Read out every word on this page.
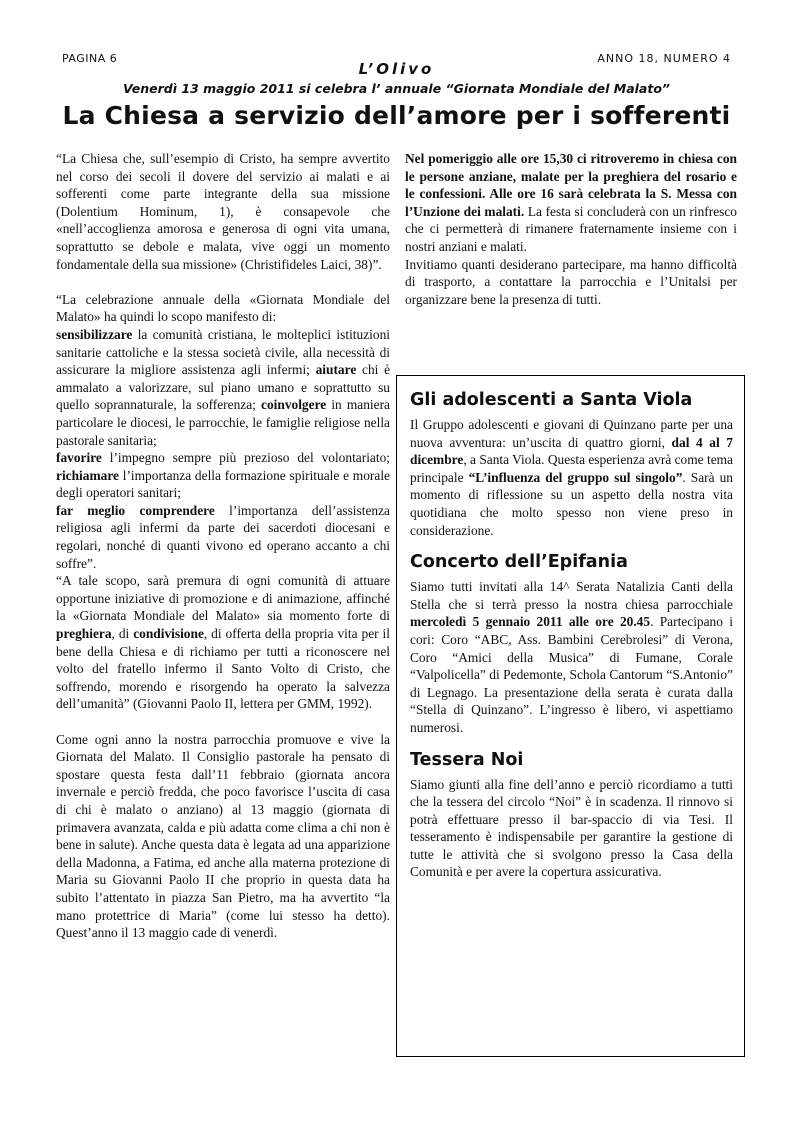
PAGINA 6	ANNO 18, NUMERO 4
L’Olivo
Venerdì 13 maggio 2011 si celebra l’ annuale “Giornata Mondiale del Malato”
La Chiesa a servizio dell’amore per i sofferenti

“La Chiesa che, sull’esempio di Cristo, ha sempre avvertito nel corso dei secoli il dovere del servizio ai malati e ai sofferenti come parte integrante della sua missione (Dolentium Hominum, 1), è consapevole che «nell’accoglienza amorosa e generosa di ogni vita umana, soprattutto se debole e malata, vive oggi un momento fondamentale della sua missione» (Christifideles Laici, 38)”.

“La celebrazione annuale della «Giornata Mondiale del Malato» ha quindi lo scopo manifesto di:
sensibilizzare la comunità cristiana, le molteplici istituzioni sanitarie cattoliche e la stessa società civile, alla necessità di assicurare la migliore assistenza agli infermi; aiutare chi è ammalato a valorizzare, sul piano umano e soprattutto su quello soprannaturale, la sofferenza; coinvolgere in maniera particolare le diocesi, le parrocchie, le famiglie religiose nella pastorale sanitaria;
favorire l’impegno sempre più prezioso del volontariato; richiamare l’importanza della formazione spirituale e morale degli operatori sanitari;
far meglio comprendere l’importanza dell’assistenza religiosa agli infermi da parte dei sacerdoti diocesani e regolari, nonché di quanti vivono ed operano accanto a chi soffre”.

“A tale scopo, sarà premura di ogni comunità di attuare opportune iniziative di promozione e di animazione, affinché la «Giornata Mondiale del Malato» sia momento forte di preghiera, di condivisione, di offerta della propria vita per il bene della Chiesa e di richiamo per tutti a riconoscere nel volto del fratello infermo il Santo Volto di Cristo, che soffrendo, morendo e risorgendo ha operato la salvezza dell’umanità” (Giovanni Paolo II, lettera per GMM, 1992).

Come ogni anno la nostra parrocchia promuove e vive la Giornata del Malato. Il Consiglio pastorale ha pensato di spostare questa festa dall’11 febbraio (giornata ancora invernale e perciò fredda, che poco favorisce l’uscita di casa di chi è malato o anziano) al 13 maggio (giornata di primavera avanzata, calda e più adatta come clima a chi non è bene in salute). Anche questa data è legata ad una apparizione della Madonna, a Fatima, ed anche alla materna protezione di Maria su Giovanni Paolo II che proprio in questa data ha subito l’attentato in piazza San Pietro, ma ha avvertito “la mano protettrice di Maria” (come lui stesso ha detto). Quest’anno il 13 maggio cade di venerdì.

Nel pomeriggio alle ore 15,30 ci ritroveremo in chiesa con le persone anziane, malate per la preghiera del rosario e le confessioni. Alle ore 16 sarà celebrata la S. Messa con l’Unzione dei malati. La festa si concluderà con un rinfresco che ci permetterà di rimanere fraternamente insieme con i nostri anziani e malati.

Invitiamo quanti desiderano partecipare, ma hanno difficoltà di trasporto, a contattare la parrocchia e l’Unitalsi per organizzare bene la presenza di tutti.

Gli adolescenti a Santa Viola
Il Gruppo adolescenti e giovani di Quinzano parte per una nuova avventura: un’uscita di quattro giorni, dal 4 al 7 dicembre, a Santa Viola. Questa esperienza avrà come tema principale “L’influenza del gruppo sul singolo”. Sarà un momento di riflessione su un aspetto della nostra vita quotidiana che molto spesso non viene preso in considerazione.
Concerto dell’Epifania
Siamo tutti invitati alla 14^ Serata Natalizia Canti della Stella che si terrà presso la nostra chiesa parrocchiale mercoledì 5 gennaio 2011 alle ore 20.45. Partecipano i cori: Coro “ABC, Ass. Bambini Cerebrolesi” di Verona, Coro “Amici della Musica” di Fumane, Corale “Valpolicella” di Pedemonte, Schola Cantorum “S.Antonio” di Legnago. La presentazione della serata è curata dalla “Stella di Quinzano”. L’ingresso è libero, vi aspettiamo numerosi.
Tessera Noi
Siamo giunti alla fine dell’anno e perciò ricordiamo a tutti che la tessera del circolo “Noi” è in scadenza. Il rinnovo si potrà effettuare presso il bar-spaccio di via Tesi. Il tesseramento è indispensabile per garantire la gestione di tutte le attività che si svolgono presso la Casa della Comunità e per avere la copertura assicurativa.
